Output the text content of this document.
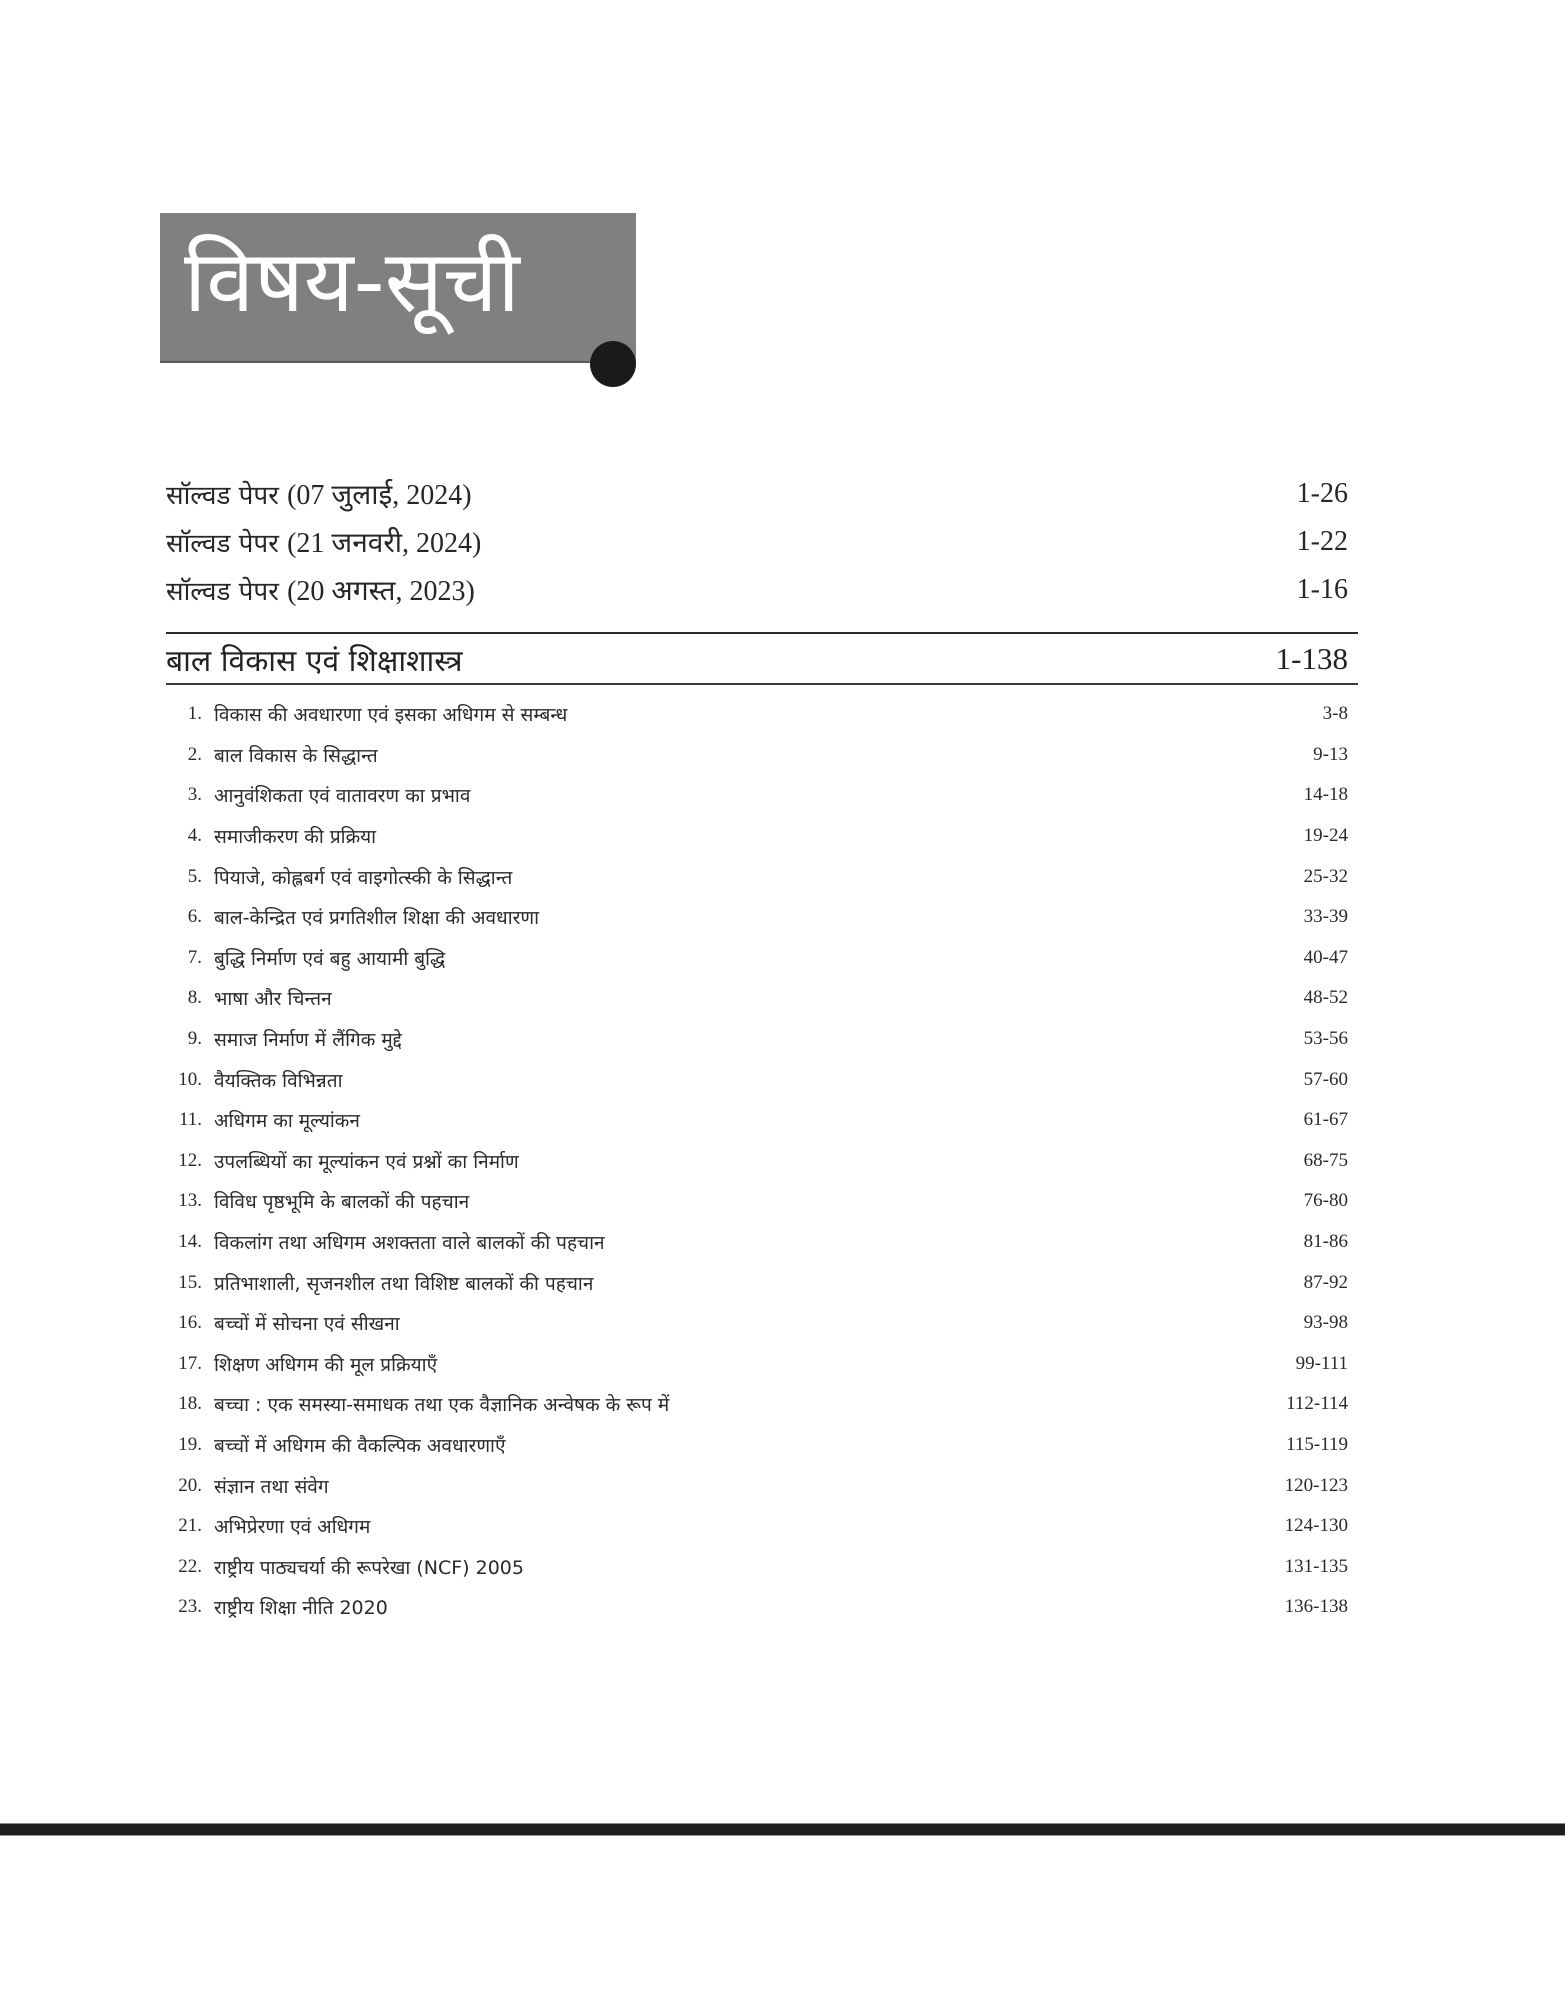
विषय-सूची
सॉल्वड पेपर (07 जुलाई, 2024)	1-26
सॉल्वड पेपर (21 जनवरी, 2024)	1-22
सॉल्वड पेपर (20 अगस्त, 2023)	1-16
बाल विकास एवं शिक्षाशास्त्र	1-138
1. विकास की अवधारणा एवं इसका अधिगम से सम्बन्ध	3-8
2. बाल विकास के सिद्धान्त	9-13
3. आनुवंशिकता एवं वातावरण का प्रभाव	14-18
4. समाजीकरण की प्रक्रिया	19-24
5. पियाजे, कोह्लबर्ग एवं वाइगोत्स्की के सिद्धान्त	25-32
6. बाल-केन्द्रित एवं प्रगतिशील शिक्षा की अवधारणा	33-39
7. बुद्धि निर्माण एवं बहु आयामी बुद्धि	40-47
8. भाषा और चिन्तन	48-52
9. समाज निर्माण में लैंगिक मुद्दे	53-56
10. वैयक्तिक विभिन्नता	57-60
11. अधिगम का मूल्यांकन	61-67
12. उपलब्धियों का मूल्यांकन एवं प्रश्नों का निर्माण	68-75
13. विविध पृष्ठभूमि के बालकों की पहचान	76-80
14. विकलांग तथा अधिगम अशक्तता वाले बालकों की पहचान	81-86
15. प्रतिभाशाली, सृजनशील तथा विशिष्ट बालकों की पहचान	87-92
16. बच्चों में सोचना एवं सीखना	93-98
17. शिक्षण अधिगम की मूल प्रक्रियाएँ	99-111
18. बच्चा : एक समस्या-समाधक तथा एक वैज्ञानिक अन्वेषक के रूप में	112-114
19. बच्चों में अधिगम की वैकल्पिक अवधारणाएँ	115-119
20. संज्ञान तथा संवेग	120-123
21. अभिप्रेरणा एवं अधिगम	124-130
22. राष्ट्रीय पाठ्यचर्या की रूपरेखा (NCF) 2005	131-135
23. राष्ट्रीय शिक्षा नीति 2020	136-138
